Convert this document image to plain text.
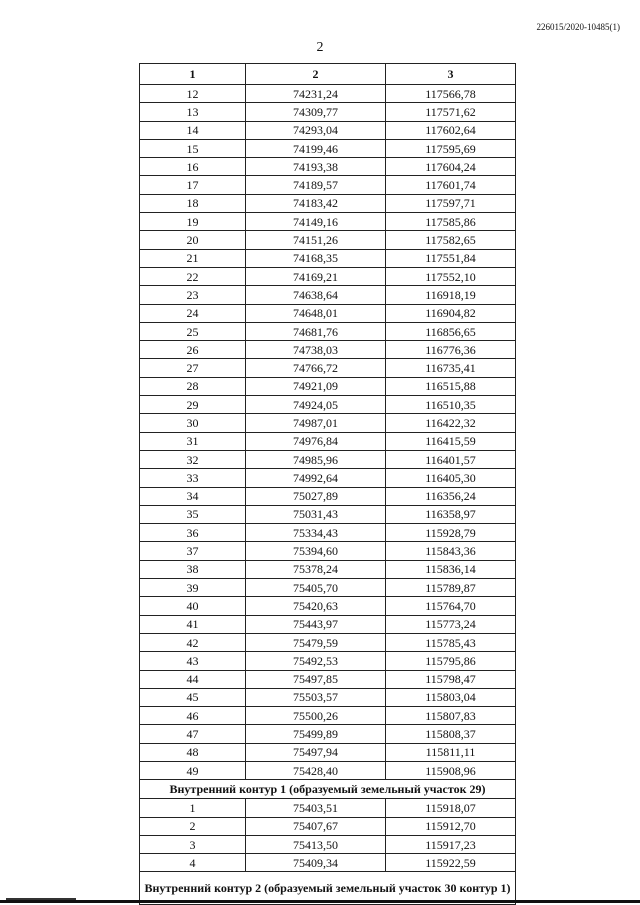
226015/2020-10485(1)
2
1	2	3
12	74231,24	117566,78
13	74309,77	117571,62
14	74293,04	117602,64
15	74199,46	117595,69
16	74193,38	117604,24
17	74189,57	117601,74
18	74183,42	117597,71
19	74149,16	117585,86
20	74151,26	117582,65
21	74168,35	117551,84
22	74169,21	117552,10
23	74638,64	116918,19
24	74648,01	116904,82
25	74681,76	116856,65
26	74738,03	116776,36
27	74766,72	116735,41
28	74921,09	116515,88
29	74924,05	116510,35
30	74987,01	116422,32
31	74976,84	116415,59
32	74985,96	116401,57
33	74992,64	116405,30
34	75027,89	116356,24
35	75031,43	116358,97
36	75334,43	115928,79
37	75394,60	115843,36
38	75378,24	115836,14
39	75405,70	115789,87
40	75420,63	115764,70
41	75443,97	115773,24
42	75479,59	115785,43
43	75492,53	115795,86
44	75497,85	115798,47
45	75503,57	115803,04
46	75500,26	115807,83
47	75499,89	115808,37
48	75497,94	115811,11
49	75428,40	115908,96
Внутренний контур 1 (образуемый земельный участок 29)		
1	75403,51	115918,07
2	75407,67	115912,70
3	75413,50	115917,23
4	75409,34	115922,59
Внутренний контур 2 (образуемый земельный участок 30 контур 1)		
